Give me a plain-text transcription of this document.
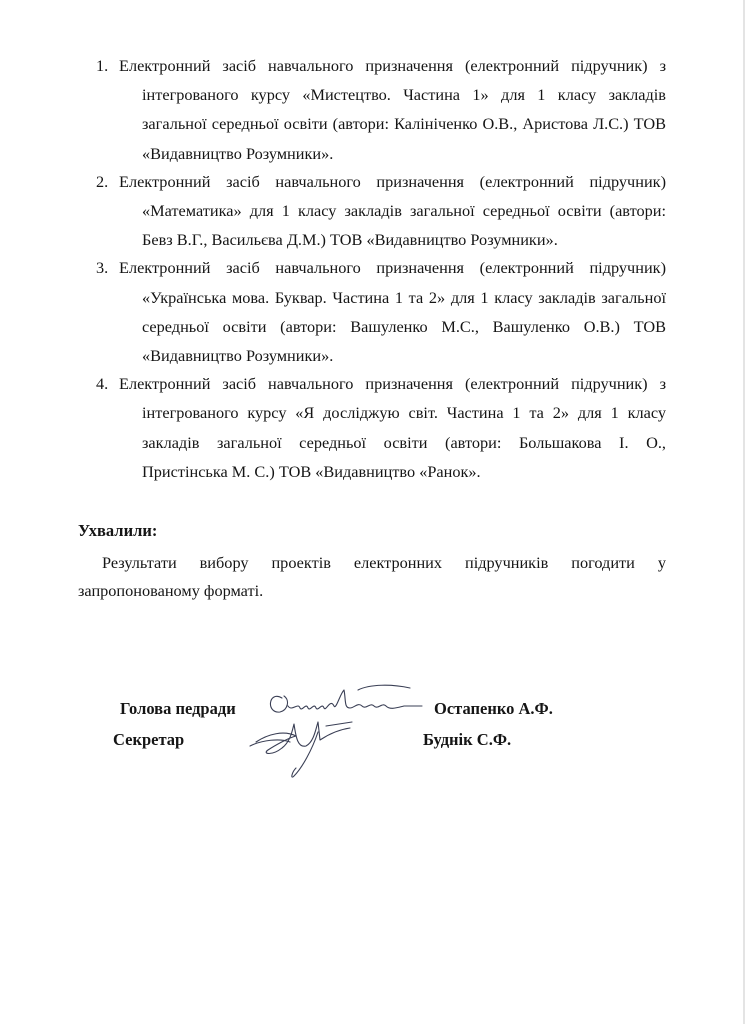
1. Електронний засіб навчального призначення (електронний підручник) з
інтегрованого курсу «Мистецтво. Частина 1» для 1 класу закладів
загальної середньої освіти (автори: Калініченко О.В., Аристова Л.С.) ТОВ
«Видавництво Розумники».
2. Електронний засіб навчального призначення (електронний підручник)
«Математика» для 1 класу закладів загальної середньої освіти (автори:
Бевз В.Г., Васильєва Д.М.) ТОВ «Видавництво Розумники».
3. Електронний засіб навчального призначення (електронний підручник)
«Українська мова. Буквар. Частина 1 та 2» для 1 класу закладів загальної
середньої освіти (автори: Вашуленко М.С., Вашуленко О.В.) ТОВ
«Видавництво Розумники».
4. Електронний засіб навчального призначення (електронний підручник) з
інтегрованого курсу «Я досліджую світ. Частина 1 та 2» для 1 класу
закладів загальної середньої освіти (автори: Большакова І. О.,
Пристінська М. С.) ТОВ «Видавництво «Ранок».
Ухвалили:
Результати вибору проектів електронних підручників погодити у
запропонованому форматі.
Голова педради	Остапенко А.Ф.
Секретар	Буднік С.Ф.
